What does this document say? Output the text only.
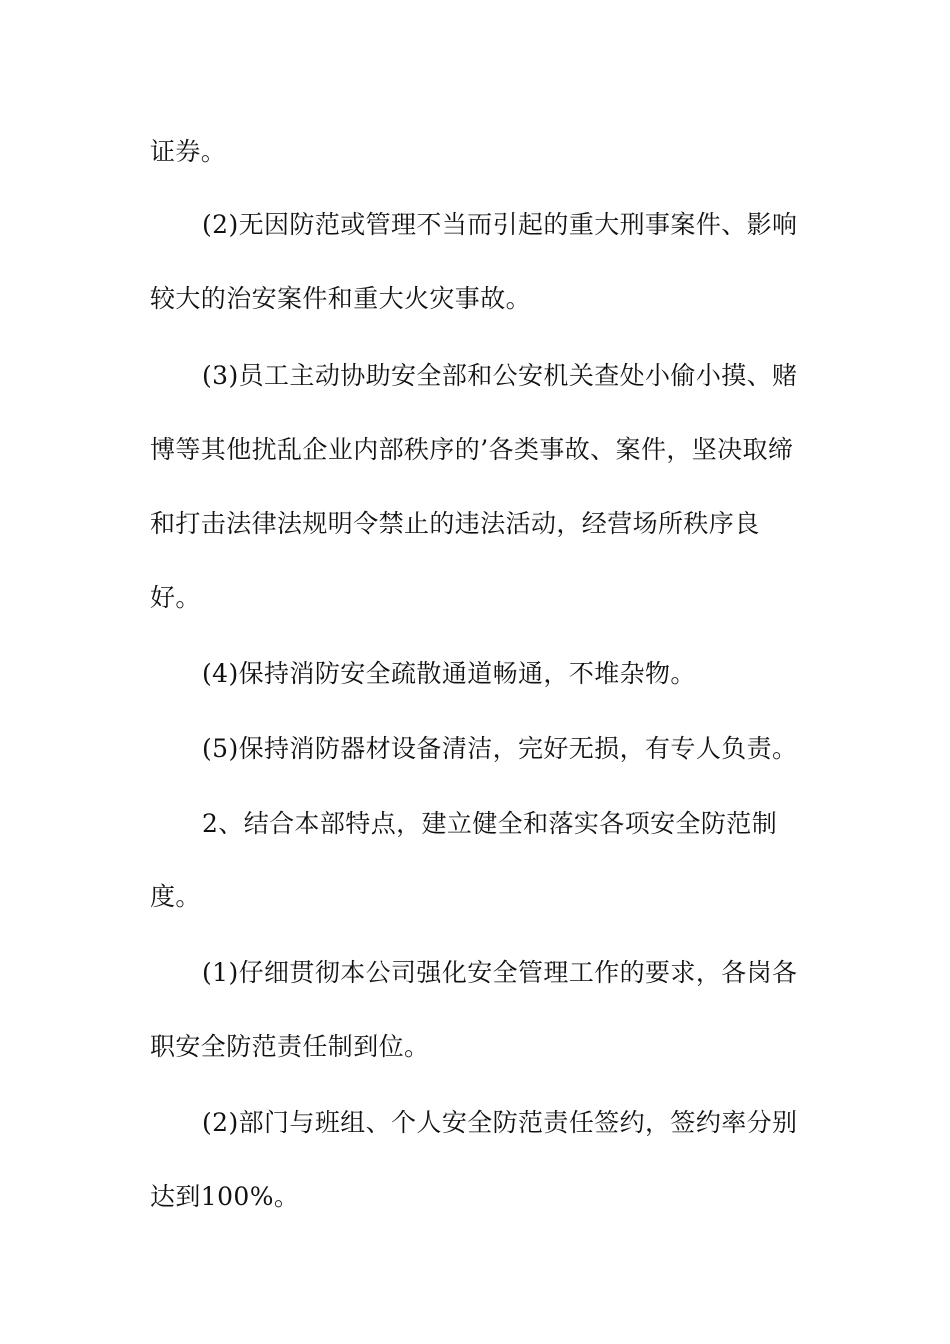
证券。
(2)无因防范或管理不当而引起的重大刑事案件、影响
较大的治安案件和重大火灾事故。
(3)员工主动协助安全部和公安机关查处小偷小摸、赌
博等其他扰乱企业内部秩序的’各类事故、案件，坚决取缔
和打击法律法规明令禁止的违法活动，经营场所秩序良
好。
(4)保持消防安全疏散通道畅通，不堆杂物。
(5)保持消防器材设备清洁，完好无损，有专人负责。
2、结合本部特点，建立健全和落实各项安全防范制
度。
(1)仔细贯彻本公司强化安全管理工作的要求，各岗各
职安全防范责任制到位。
(2)部门与班组、个人安全防范责任签约，签约率分别
达到100%。
